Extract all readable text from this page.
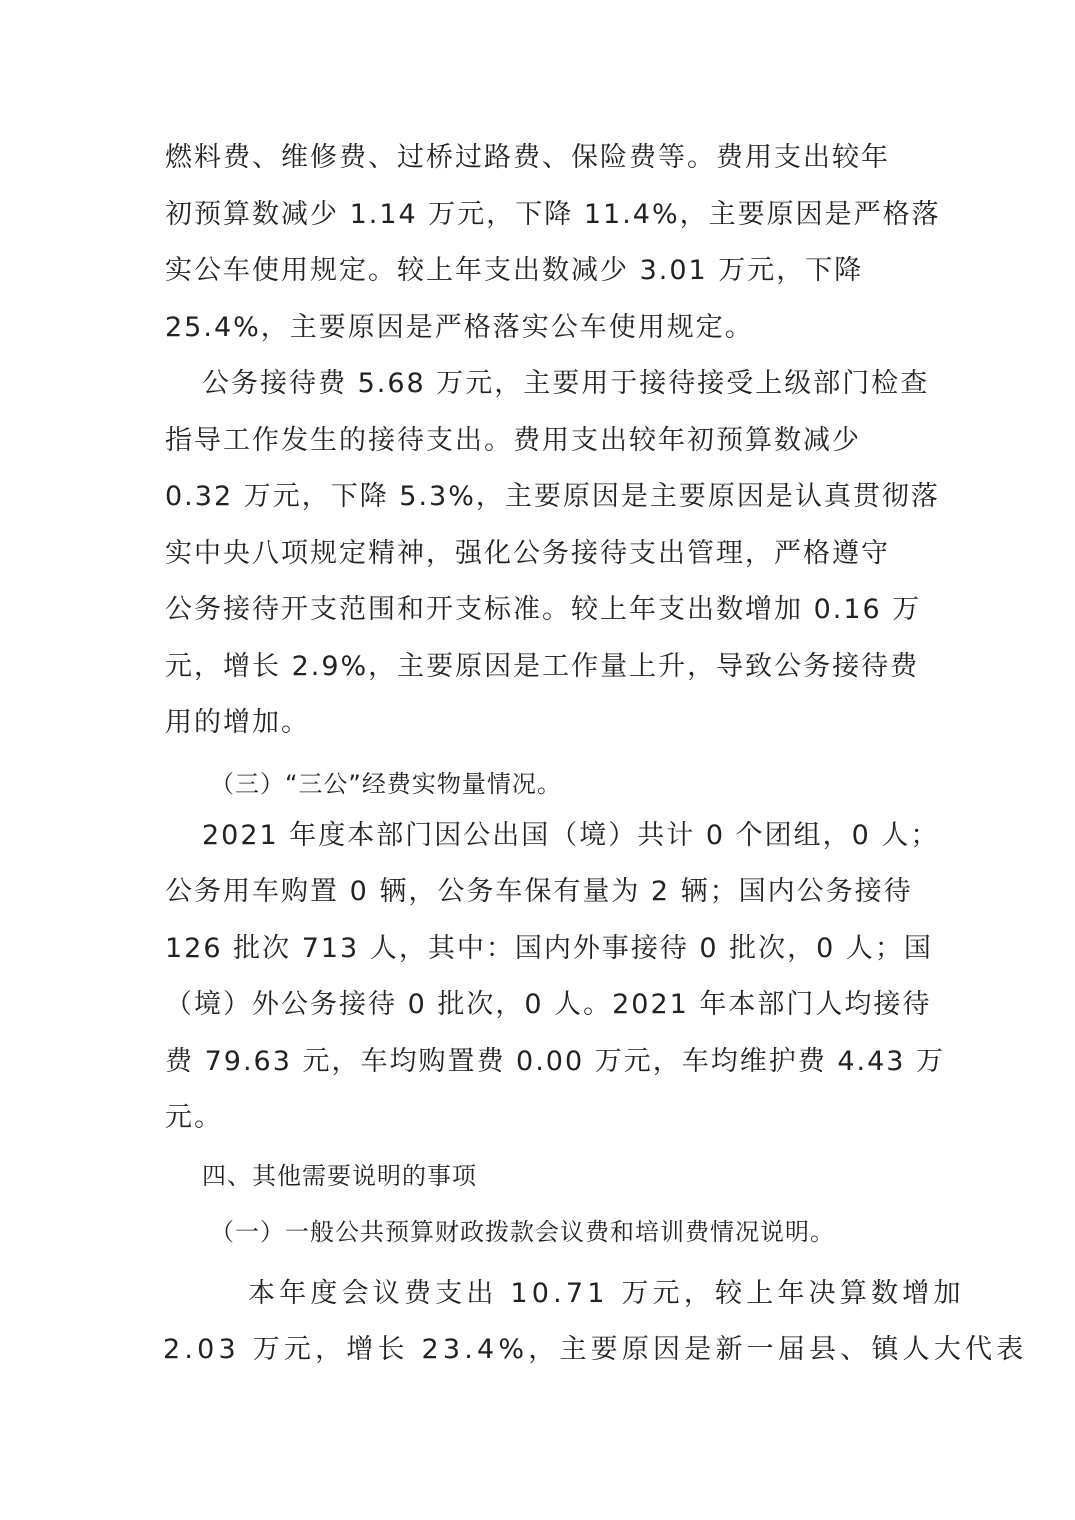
燃料费、维修费、过桥过路费、保险费等。费用支出较年
初预算数减少 1.14 万元，下降 11.4%，主要原因是严格落
实公车使用规定。较上年支出数减少 3.01 万元，下降
25.4%，主要原因是严格落实公车使用规定。
公务接待费 5.68 万元，主要用于接待接受上级部门检查
指导工作发生的接待支出。费用支出较年初预算数减少
0.32 万元，下降 5.3%，主要原因是主要原因是认真贯彻落
实中央八项规定精神，强化公务接待支出管理，严格遵守
公务接待开支范围和开支标准。较上年支出数增加 0.16 万
元，增长 2.9%，主要原因是工作量上升，导致公务接待费
用的增加。
（三）“三公”经费实物量情况。
2021 年度本部门因公出国（境）共计 0 个团组，0 人；
公务用车购置 0 辆，公务车保有量为 2 辆；国内公务接待
126 批次 713 人，其中：国内外事接待 0 批次，0 人；国
（境）外公务接待 0 批次，0 人。2021 年本部门人均接待
费 79.63 元，车均购置费 0.00 万元，车均维护费 4.43 万
元。
四、其他需要说明的事项
（一）一般公共预算财政拨款会议费和培训费情况说明。
本年度会议费支出 10.71 万元，较上年决算数增加
2.03 万元，增长 23.4%，主要原因是新一届县、镇人大代表
